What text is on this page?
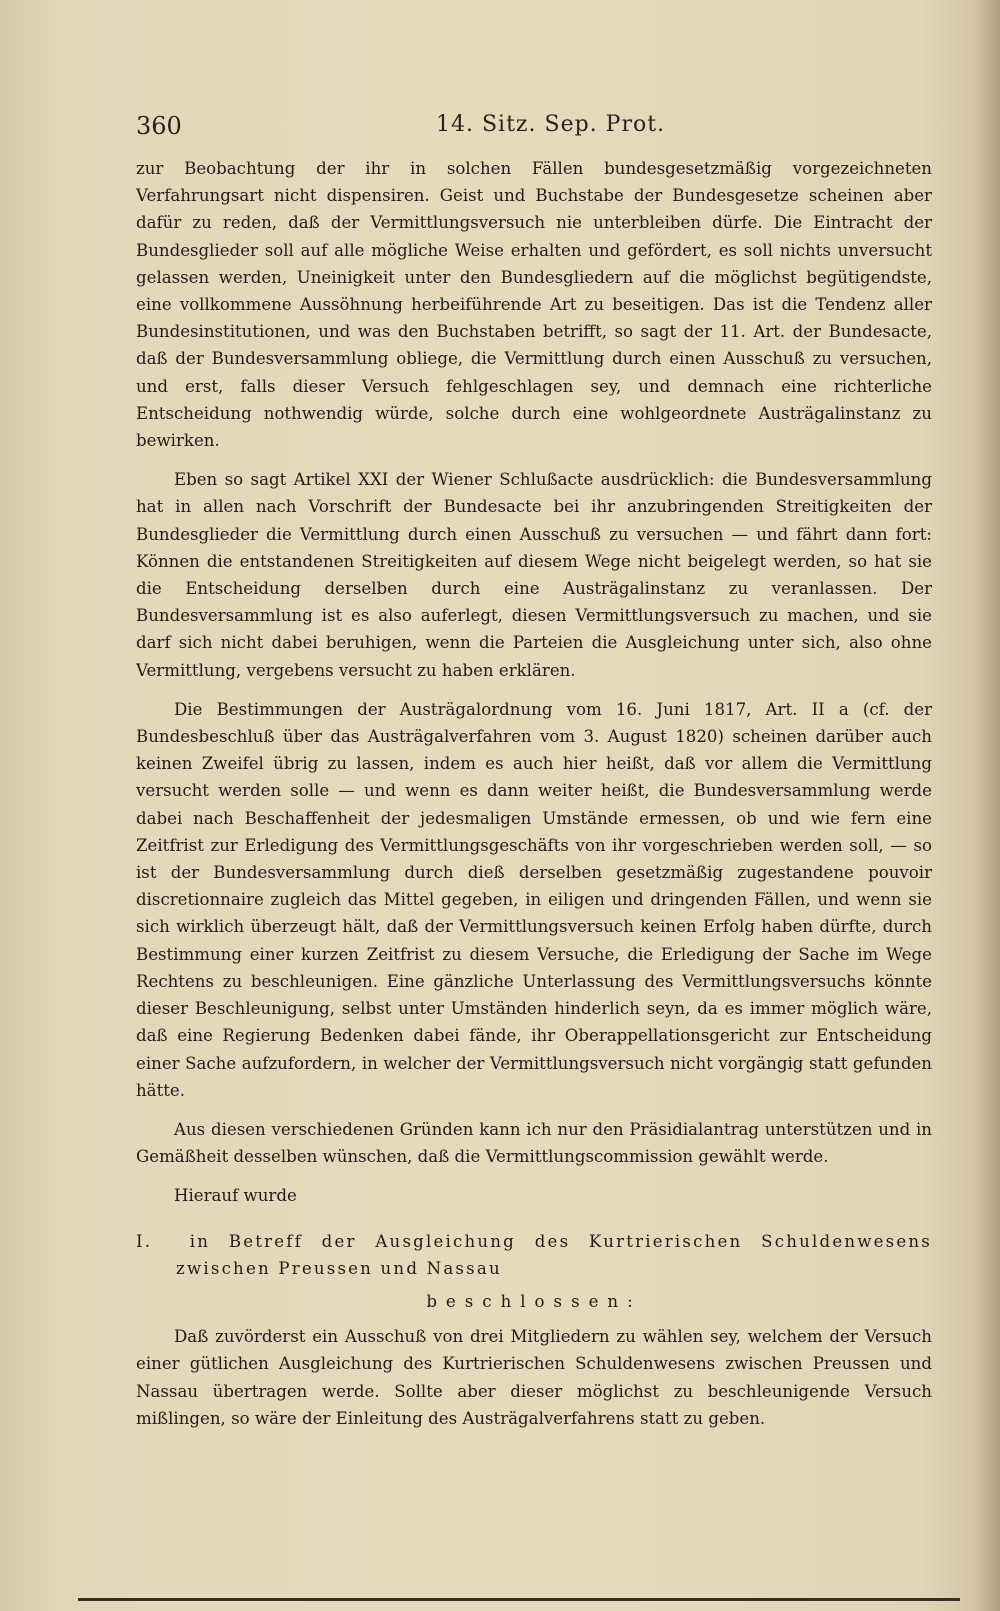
360	14. Sitz. Sep. Prot.

zur Beobachtung der ihr in solchen Fällen bundesgesetzmäßig vorgezeichneten Verfahrungsart nicht dispensiren. Geist und Buchstabe der Bundesgesetze scheinen aber dafür zu reden, daß der Vermittlungsversuch nie unterbleiben dürfe. Die Eintracht der Bundesglieder soll auf alle mögliche Weise erhalten und gefördert, es soll nichts unversucht gelassen werden, Uneinigkeit unter den Bundesgliedern auf die möglichst begütigendste, eine vollkommene Aussöhnung herbeiführende Art zu beseitigen. Das ist die Tendenz aller Bundesinstitutionen, und was den Buchstaben betrifft, so sagt der 11. Art. der Bundesacte, daß der Bundesversammlung obliege, die Vermittlung durch einen Ausschuß zu versuchen, und erst, falls dieser Versuch fehlgeschlagen sey, und demnach eine richterliche Entscheidung nothwendig würde, solche durch eine wohlgeordnete Austrägalinstanz zu bewirken.

Eben so sagt Artikel XXI der Wiener Schlußacte ausdrücklich: die Bundesversammlung hat in allen nach Vorschrift der Bundesacte bei ihr anzubringenden Streitigkeiten der Bundesglieder die Vermittlung durch einen Ausschuß zu versuchen — und fährt dann fort: Können die entstandenen Streitigkeiten auf diesem Wege nicht beigelegt werden, so hat sie die Entscheidung derselben durch eine Austrägalinstanz zu veranlassen. Der Bundesversammlung ist es also auferlegt, diesen Vermittlungsversuch zu machen, und sie darf sich nicht dabei beruhigen, wenn die Parteien die Ausgleichung unter sich, also ohne Vermittlung, vergebens versucht zu haben erklären.

Die Bestimmungen der Austrägalordnung vom 16. Juni 1817, Art. II a (cf. der Bundesbeschluß über das Austrägalverfahren vom 3. August 1820) scheinen darüber auch keinen Zweifel übrig zu lassen, indem es auch hier heißt, daß vor allem die Vermittlung versucht werden solle — und wenn es dann weiter heißt, die Bundesversammlung werde dabei nach Beschaffenheit der jedesmaligen Umstände ermessen, ob und wie fern eine Zeitfrist zur Erledigung des Vermittlungsgeschäfts von ihr vorgeschrieben werden soll, — so ist der Bundesversammlung durch dieß derselben gesetzmäßig zugestandene pouvoir discretionnaire zugleich das Mittel gegeben, in eiligen und dringenden Fällen, und wenn sie sich wirklich überzeugt hält, daß der Vermittlungsversuch keinen Erfolg haben dürfte, durch Bestimmung einer kurzen Zeitfrist zu diesem Versuche, die Erledigung der Sache im Wege Rechtens zu beschleunigen. Eine gänzliche Unterlassung des Vermittlungsversuchs könnte dieser Beschleunigung, selbst unter Umständen hinderlich seyn, da es immer möglich wäre, daß eine Regierung Bedenken dabei fände, ihr Oberappellationsgericht zur Entscheidung einer Sache aufzufordern, in welcher der Vermittlungsversuch nicht vorgängig statt gefunden hätte.

Aus diesen verschiedenen Gründen kann ich nur den Präsidialantrag unterstützen und in Gemäßheit desselben wünschen, daß die Vermittlungscommission gewählt werde.

Hierauf wurde

I. in Betreff der Ausgleichung des Kurtrierischen Schuldenwesens zwischen Preussen und Nassau

beschlossen:

Daß zuvörderst ein Ausschuß von drei Mitgliedern zu wählen sey, welchem der Versuch einer gütlichen Ausgleichung des Kurtrierischen Schuldenwesens zwischen Preussen und Nassau übertragen werde. Sollte aber dieser möglichst zu beschleunigende Versuch mißlingen, so wäre der Einleitung des Austrägalverfahrens statt zu geben.
